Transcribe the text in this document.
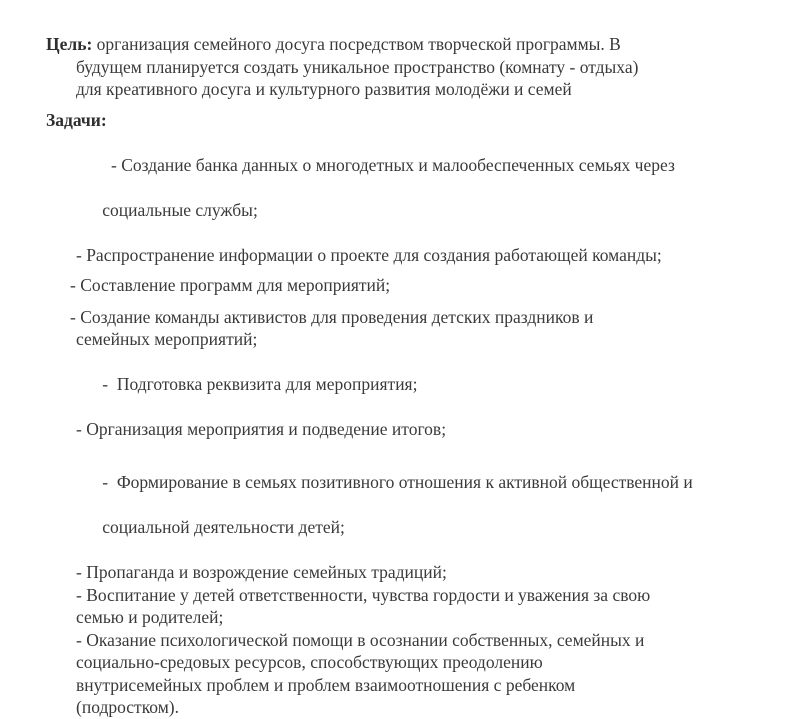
Цель: организация семейного досуга посредством творческой программы. В
будущем планируется создать уникальное пространство (комнату - отдыха)
для креативного досуга и культурного развития молодёжи и семей
Задачи:

- Создание банка данных о многодетных и малообеспеченных семьях через

социальные службы;

- Распространение информации о проекте для создания работающей команды;
- Составление программ для мероприятий;
- Создание команды активистов для проведения детских праздников и
семейных мероприятий;

-  Подготовка реквизита для мероприятия;

- Организация мероприятия и подведение итогов;

-  Формирование в семьях позитивного отношения к активной общественной и

социальной деятельности детей;

- Пропаганда и возрождение семейных традиций;
- Воспитание у детей ответственности, чувства гордости и уважения за свою
семью и родителей;
- Оказание психологической помощи в осознании собственных, семейных и
социально-средовых ресурсов, способствующих преодолению
внутрисемейных проблем и проблем взаимоотношения с ребенком
(подростком).
